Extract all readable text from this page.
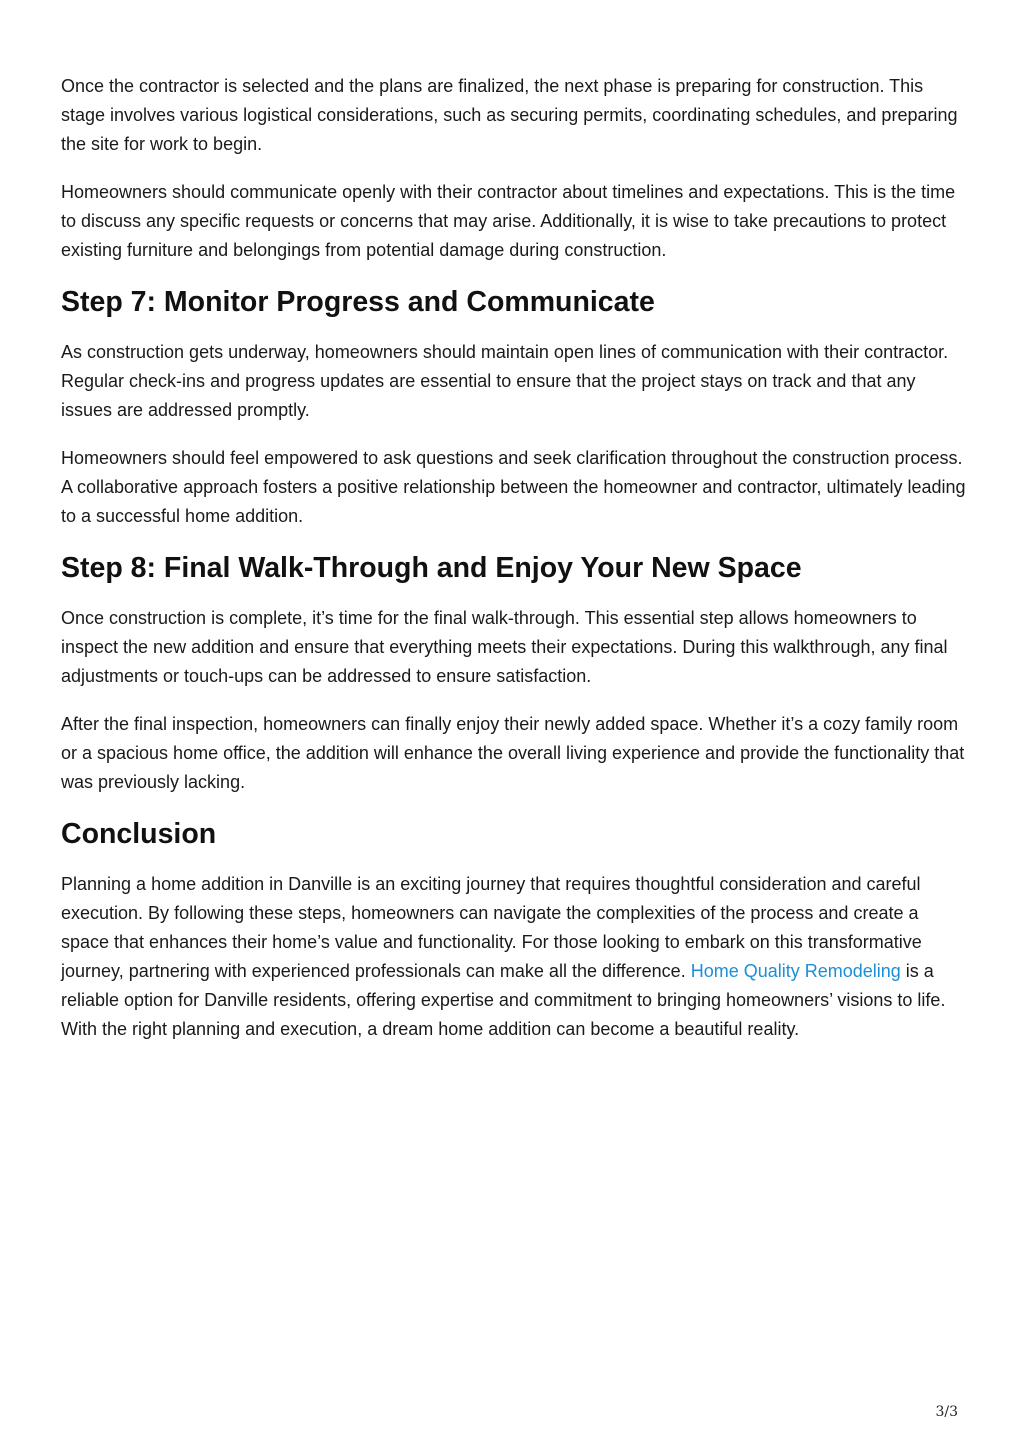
Once the contractor is selected and the plans are finalized, the next phase is preparing for construction. This stage involves various logistical considerations, such as securing permits, coordinating schedules, and preparing the site for work to begin.

Homeowners should communicate openly with their contractor about timelines and expectations. This is the time to discuss any specific requests or concerns that may arise. Additionally, it is wise to take precautions to protect existing furniture and belongings from potential damage during construction.

Step 7: Monitor Progress and Communicate

As construction gets underway, homeowners should maintain open lines of communication with their contractor. Regular check-ins and progress updates are essential to ensure that the project stays on track and that any issues are addressed promptly.

Homeowners should feel empowered to ask questions and seek clarification throughout the construction process. A collaborative approach fosters a positive relationship between the homeowner and contractor, ultimately leading to a successful home addition.

Step 8: Final Walk-Through and Enjoy Your New Space

Once construction is complete, it’s time for the final walk-through. This essential step allows homeowners to inspect the new addition and ensure that everything meets their expectations. During this walkthrough, any final adjustments or touch-ups can be addressed to ensure satisfaction.

After the final inspection, homeowners can finally enjoy their newly added space. Whether it’s a cozy family room or a spacious home office, the addition will enhance the overall living experience and provide the functionality that was previously lacking.

Conclusion

Planning a home addition in Danville is an exciting journey that requires thoughtful consideration and careful execution. By following these steps, homeowners can navigate the complexities of the process and create a space that enhances their home’s value and functionality. For those looking to embark on this transformative journey, partnering with experienced professionals can make all the difference. Home Quality Remodeling is a reliable option for Danville residents, offering expertise and commitment to bringing homeowners’ visions to life. With the right planning and execution, a dream home addition can become a beautiful reality.

3/3
